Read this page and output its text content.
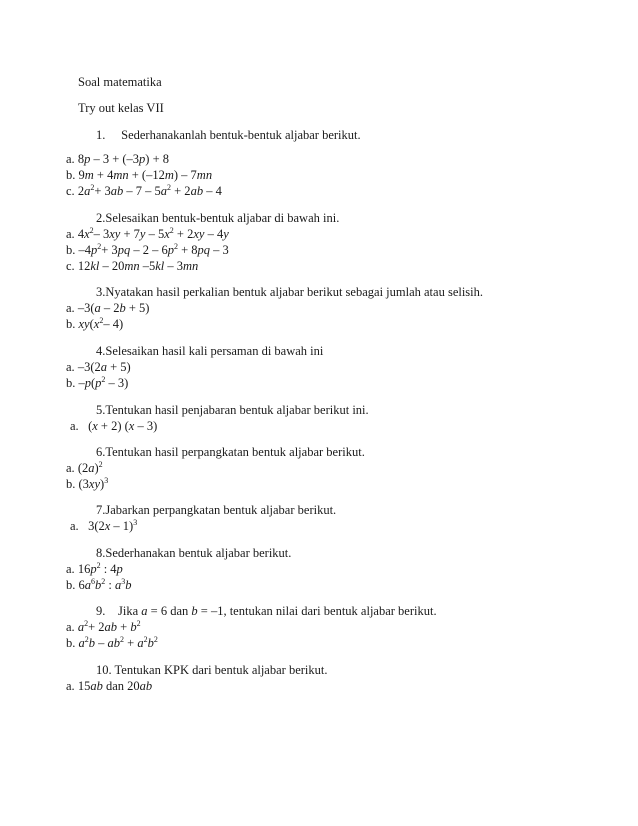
Soal matematika
Try out kelas VII
1. Sederhanakanlah bentuk-bentuk aljabar berikut.
a. 8p – 3 + (–3p) + 8
b. 9m + 4mn + (–12m) – 7mn
c. $2a^2+ 3ab - 7 - 5a^2 + 2ab - 4$
2.Selesaikan bentuk-bentuk aljabar di bawah ini.
a. $4x^2-$ $3xy + 7y - 5x^2 + 2xy - 4y$
b. $-4p^2+ 3pq - 2 - 6p^2 + 8pq - 3$
c. 12kl – 20mn –5kl – 3mn
3.Nyatakan hasil perkalian bentuk aljabar berikut sebagai jumlah atau selisih.
a. –3(a – 2b + 5)
b. $xy(x^2-$ 4)
4.Selesaikan hasil kali persaman di bawah ini
a. –3(2a + 5)
b. $-p(p^2 - 3)$
5.Tentukan hasil penjabaran bentuk aljabar berikut ini.
a.   (x + 2) (x – 3)
6.Tentukan hasil perpangkatan bentuk aljabar berikut.
a. $(2a)^2$
b. $(3xy)^3$
7.Jabarkan perpangkatan bentuk aljabar berikut.
a.   3(2x – 1)$^3$
8.Sederhanakan bentuk aljabar berikut.
a. $16p^2$ : 4p
b. $6a^6b^2$ : $a^3b$
9. Jika a = 6 dan b = –1, tentukan nilai dari bentuk aljabar berikut.
a. $a^2+ 2ab + b^2$
b. $a^2b - ab^2 + a^2b^2$
10. Tentukan KPK dari bentuk aljabar berikut.
a. 15ab dan 20ab
